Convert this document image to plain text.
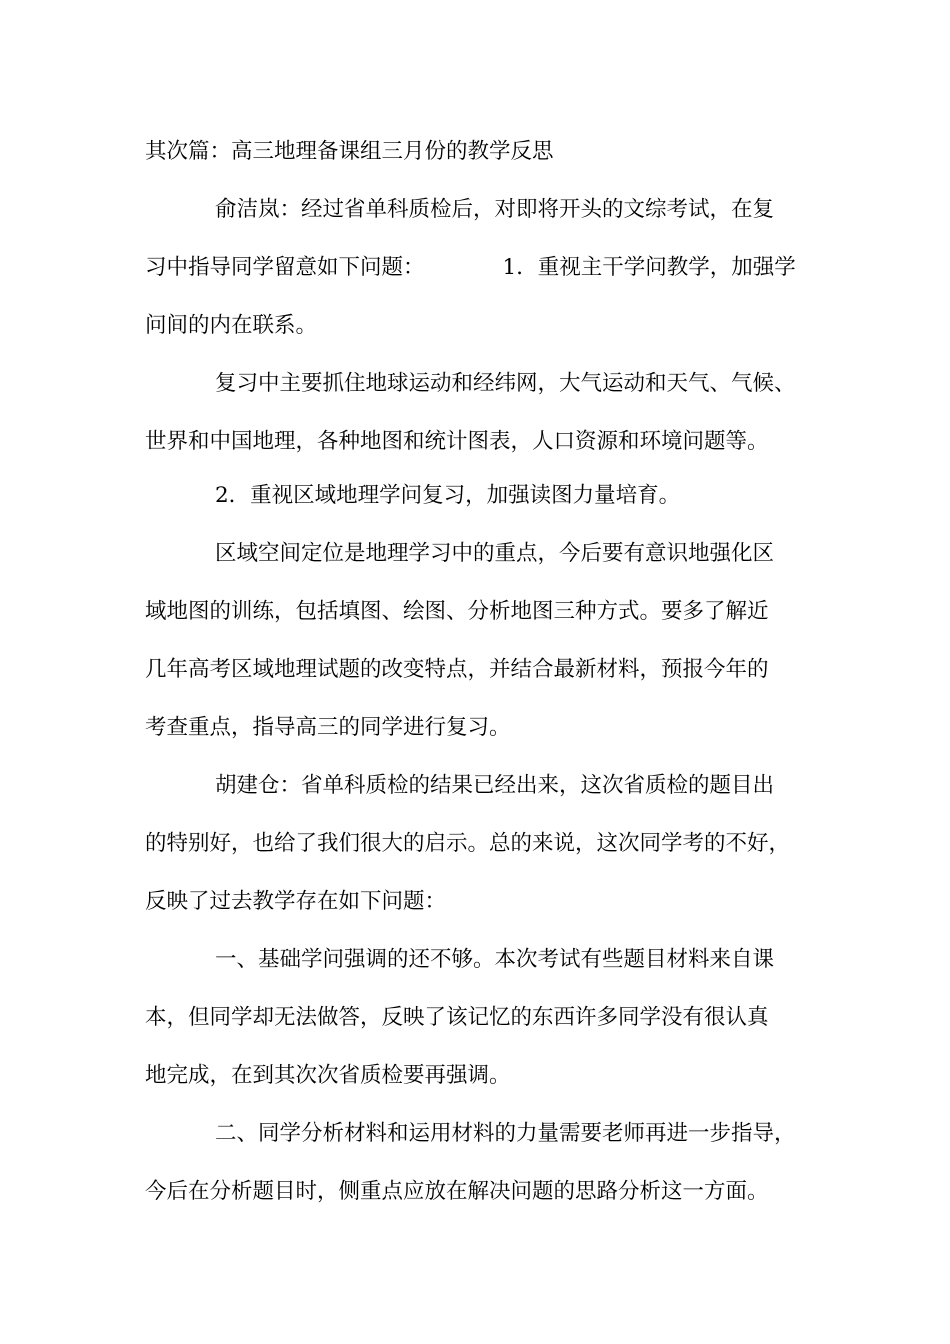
其次篇：高三地理备课组三月份的教学反思
俞洁岚：经过省单科质检后，对即将开头的文综考试，在复
习中指导同学留意如下问题：	1．重视主干学问教学，加强学
问间的内在联系。
复习中主要抓住地球运动和经纬网，大气运动和天气、气候、
世界和中国地理，各种地图和统计图表，人口资源和环境问题等。
2．重视区域地理学问复习，加强读图力量培育。
区域空间定位是地理学习中的重点，今后要有意识地强化区
域地图的训练，包括填图、绘图、分析地图三种方式。要多了解近
几年高考区域地理试题的改变特点，并结合最新材料，预报今年的
考查重点，指导高三的同学进行复习。
胡建仓：省单科质检的结果已经出来，这次省质检的题目出
的特别好，也给了我们很大的启示。总的来说，这次同学考的不好，
反映了过去教学存在如下问题：
一、基础学问强调的还不够。本次考试有些题目材料来自课
本，但同学却无法做答，反映了该记忆的东西许多同学没有很认真
地完成，在到其次次省质检要再强调。
二、同学分析材料和运用材料的力量需要老师再进一步指导，
今后在分析题目时，侧重点应放在解决问题的思路分析这一方面。
